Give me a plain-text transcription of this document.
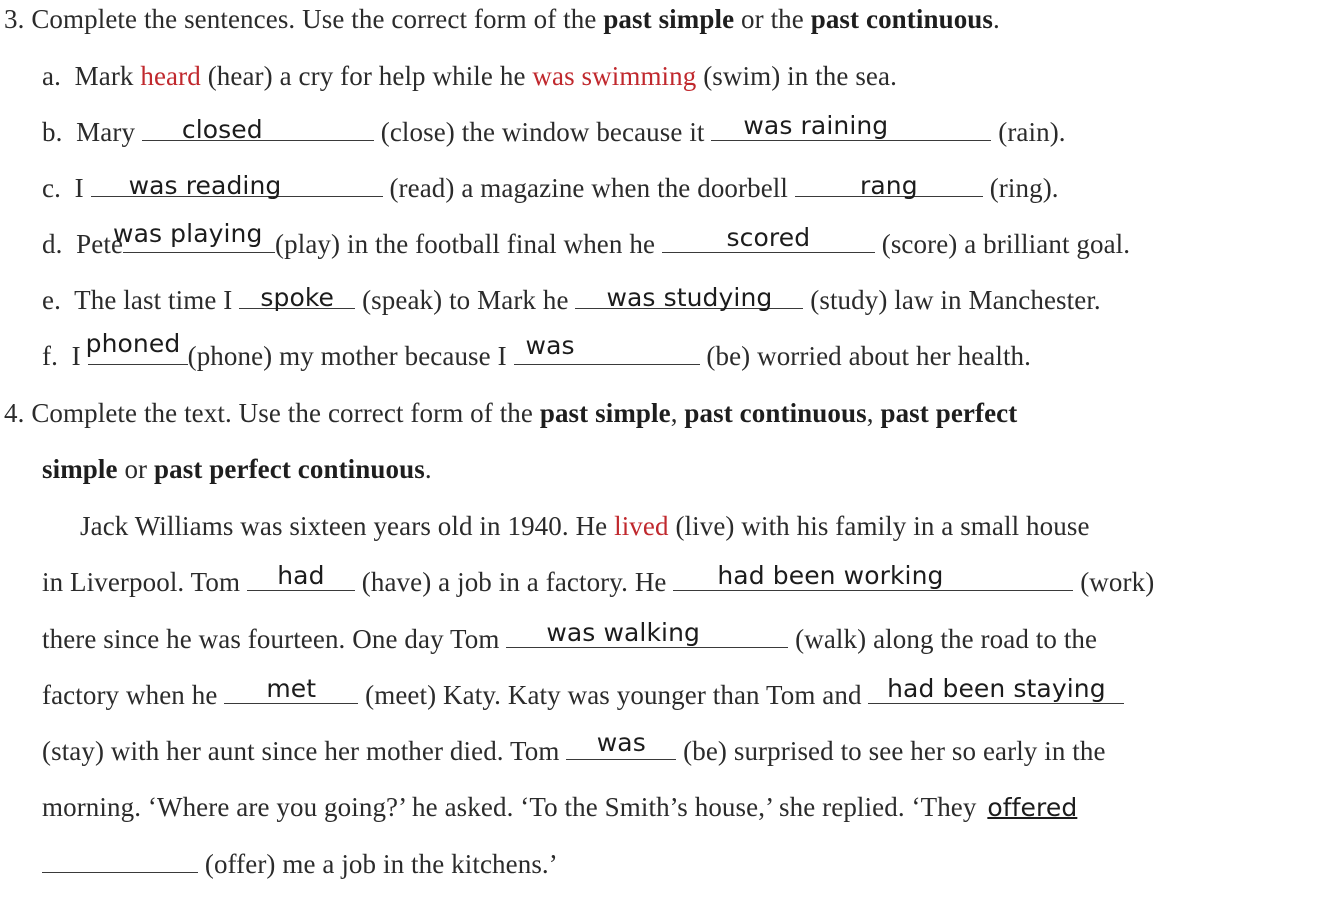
3. Complete the sentences. Use the correct form of the past simple or the past continuous.
a. Mark heard (hear) a cry for help while he was swimming (swim) in the sea.
b. Mary	closed	(close) the window because it	was raining	(rain).
c. I	was reading	(read) a magazine when the doorbell	rang	(ring).
d. Pete
was playing (play) in the football final when he	scored	(score) a brilliant goal.
e. The last time I spoke (speak) to Mark he	was studying	(study) law in Manchester.
f. I
phoned (phone) my mother because I was	(be) worried about her health.
4. Complete the text. Use the correct form of the past simple, past continuous, past perfect
simple or past perfect continuous.
Jack Williams was sixteen years old in 1940. He lived (live) with his family in a small house
in Liverpool. Tom	had	(have) a job in a factory. He	had been working	(work)
there since he was fourteen. One day Tom	was walking	(walk) along the road to the
factory when he	met	(meet) Katy. Katy was younger than Tom and had been staying
(stay) with her aunt since her mother died. Tom	was	(be) surprised to see her so early in the
morning. ‘Where are you going?’ he asked. ‘To the Smith’s house,’ she replied. ‘They offered
(offer) me a job in the kitchens.’
